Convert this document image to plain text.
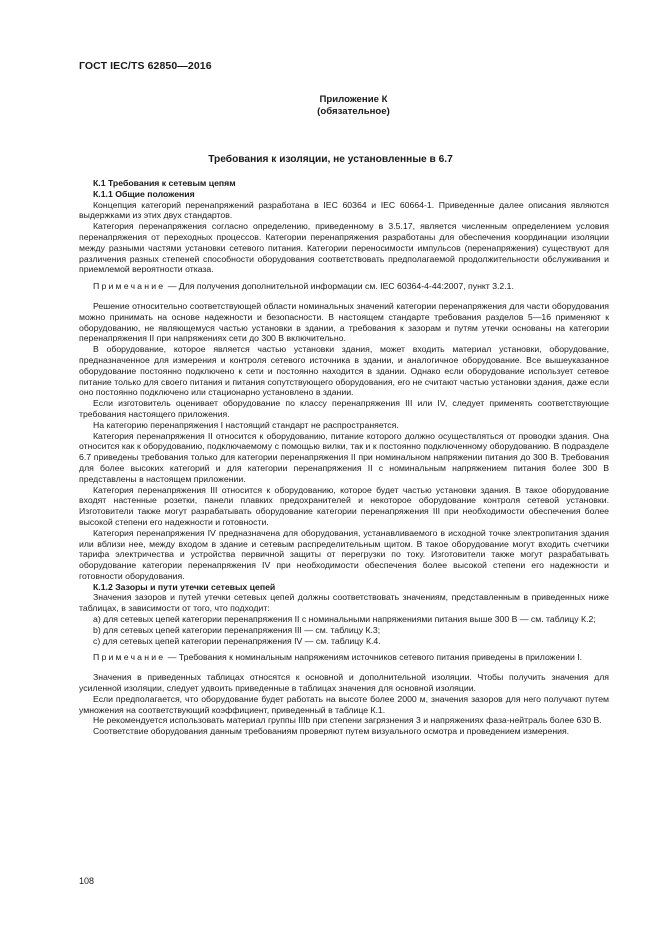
ГОСТ IEC/TS 62850—2016
Приложение К
(обязательное)
Требования к изоляции, не установленные в 6.7

К.1 Требования к сетевым цепям

К.1.1 Общие положения

Концепция категорий перенапряжений разработана в IEC 60364 и IEC 60664-1. Приведенные далее описания являются выдержками из этих двух стандартов.

Категория перенапряжения согласно определению, приведенному в 3.5.17, является численным определением условия перенапряжения от переходных процессов. Категории перенапряжения разработаны для обеспечения координации изоляции между разными частями установки сетевого питания. Категории переносимости импульсов (перенапряжения) существуют для различения разных степеней способности оборудования соответствовать предполагаемой продолжительности обслуживания и приемлемой вероятности отказа.

Примечание — Для получения дополнительной информации см. IEC 60364-4-44:2007, пункт 3.2.1.

Решение относительно соответствующей области номинальных значений категории перенапряжения для части оборудования можно принимать на основе надежности и безопасности. В настоящем стандарте требования разделов 5—16 применяют к оборудованию, не являющемуся частью установки в здании, а требования к зазорам и путям утечки основаны на категории перенапряжения II при напряжениях сети до 300 В включительно.

В оборудование, которое является частью установки здания, может входить материал установки, оборудование, предназначенное для измерения и контроля сетевого источника в здании, и аналогичное оборудование. Все вышеуказанное оборудование постоянно подключено к сети и постоянно находится в здании. Однако если оборудование использует сетевое питание только для своего питания и питания сопутствующего оборудования, его не считают частью установки здания, даже если оно постоянно подключено или стационарно установлено в здании.

Если изготовитель оценивает оборудование по классу перенапряжения III или IV, следует применять соответствующие требования настоящего приложения.

На категорию перенапряжения I настоящий стандарт не распространяется.

Категория перенапряжения II относится к оборудованию, питание которого должно осуществляться от проводки здания. Она относится как к оборудованию, подключаемому с помощью вилки, так и к постоянно подключенному оборудованию. В подразделе 6.7 приведены требования только для категории перенапряжения II при номинальном напряжении питания до 300 В. Требования для более высоких категорий и для категории перенапряжения II с номинальным напряжением питания более 300 В представлены в настоящем приложении.

Категория перенапряжения III относится к оборудованию, которое будет частью установки здания. В такое оборудование входят настенные розетки, панели плавких предохранителей и некоторое оборудование контроля сетевой установки. Изготовители также могут разрабатывать оборудование категории перенапряжения III при необходимости обеспечения более высокой степени его надежности и готовности.

Категория перенапряжения IV предназначена для оборудования, устанавливаемого в исходной точке электропитания здания или вблизи нее, между входом в здание и сетевым распределительным щитом. В такое оборудование могут входить счетчики тарифа электричества и устройства первичной защиты от перегрузки по току. Изготовители также могут разрабатывать оборудование категории перенапряжения IV при необходимости обеспечения более высокой степени его надежности и готовности оборудования.

К.1.2 Зазоры и пути утечки сетевых цепей

Значения зазоров и путей утечки сетевых цепей должны соответствовать значениям, представленным в приведенных ниже таблицах, в зависимости от того, что подходит:

a) для сетевых цепей категории перенапряжения II с номинальными напряжениями питания выше 300 В — см. таблицу К.2;

b) для сетевых цепей категории перенапряжения III — см. таблицу К.3;

c) для сетевых цепей категории перенапряжения IV — см. таблицу К.4.

Примечание — Требования к номинальным напряжениям источников сетевого питания приведены в приложении I.

Значения в приведенных таблицах относятся к основной и дополнительной изоляции. Чтобы получить значения для усиленной изоляции, следует удвоить приведенные в таблицах значения для основной изоляции.

Если предполагается, что оборудование будет работать на высоте более 2000 м, значения зазоров для него получают путем умножения на соответствующий коэффициент, приведенный в таблице К.1.

Не рекомендуется использовать материал группы IIIb при степени загрязнения 3 и напряжениях фаза-нейтраль более 630 В.

Соответствие оборудования данным требованиям проверяют путем визуального осмотра и проведением измерения.

108
